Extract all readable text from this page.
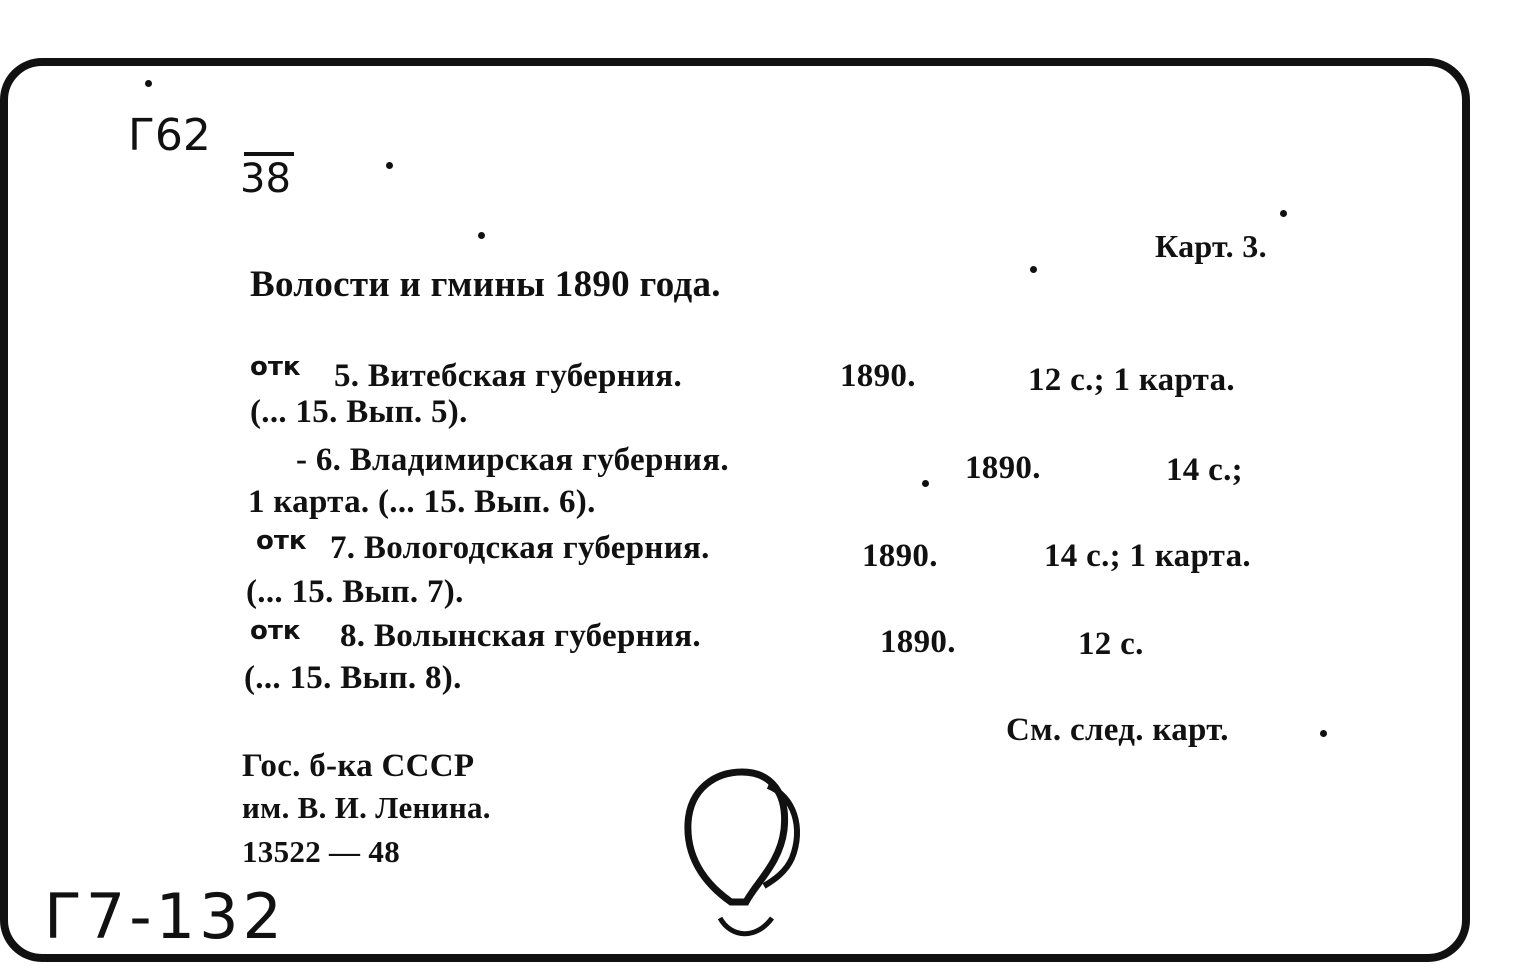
Г62
38
Карт. 3.
Волости и гмины 1890 года.
отк 5. Витебская губерния.	1890.	12 с.; 1 карта.
(... 15. Вып. 5).
- 6. Владимирская губерния.	1890.	14 с.;
1 карта. (... 15. Вып. 6).
отк 7. Вологодская губерния.	1890.	14 с.; 1 карта.
(... 15. Вып. 7).
отк 8. Волынская губерния.	1890.	12 с.
(... 15. Вып. 8).
См. след. карт.
Гос. б-ка СССР
им. В. И. Ленина.
13522 — 48
Г7-132
